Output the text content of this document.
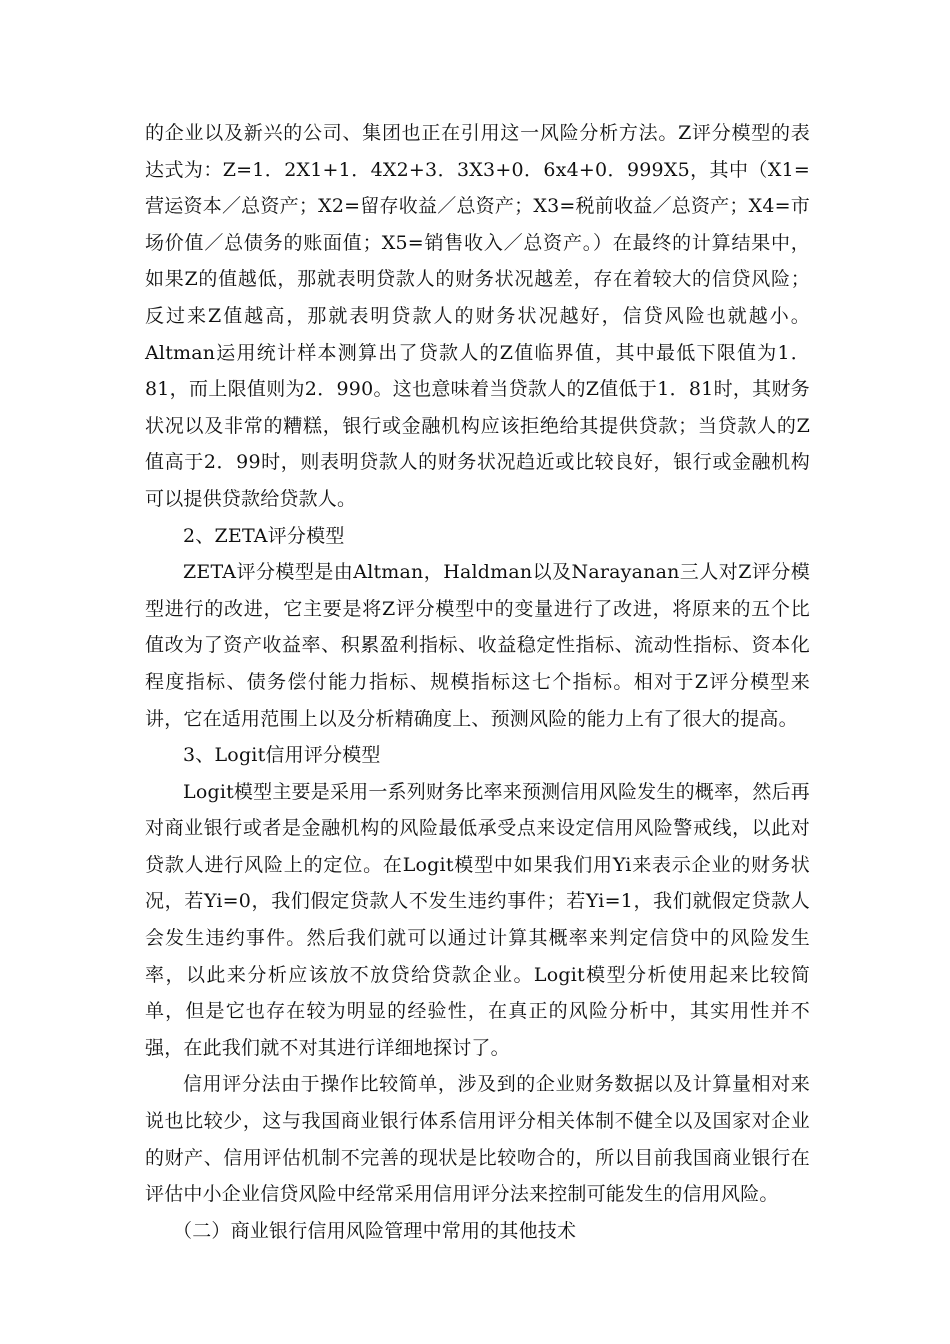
的企业以及新兴的公司、集团也正在引用这一风险分析方法。Z评分模型的表达式为：Z=1．2X1+1．4X2+3．3X3+0．6x4+0．999X5，其中（X1=营运资本／总资产；X2=留存收益／总资产；X3=税前收益／总资产；X4=市场价值／总债务的账面值；X5=销售收入／总资产。）在最终的计算结果中，如果Z的值越低，那就表明贷款人的财务状况越差，存在着较大的信贷风险；反过来Z值越高，那就表明贷款人的财务状况越好，信贷风险也就越小。Altman运用统计样本测算出了贷款人的Z值临界值，其中最低下限值为1．81，而上限值则为2．990。这也意味着当贷款人的Z值低于1．81时，其财务状况以及非常的糟糕，银行或金融机构应该拒绝给其提供贷款；当贷款人的Z值高于2．99时，则表明贷款人的财务状况趋近或比较良好，银行或金融机构可以提供贷款给贷款人。

2、ZETA评分模型

ZETA评分模型是由Altman，Haldman以及Narayanan三人对Z评分模型进行的改进，它主要是将Z评分模型中的变量进行了改进，将原来的五个比值改为了资产收益率、积累盈利指标、收益稳定性指标、流动性指标、资本化程度指标、债务偿付能力指标、规模指标这七个指标。相对于Z评分模型来讲，它在适用范围上以及分析精确度上、预测风险的能力上有了很大的提高。

3、Logit信用评分模型

Logit模型主要是采用一系列财务比率来预测信用风险发生的概率，然后再对商业银行或者是金融机构的风险最低承受点来设定信用风险警戒线，以此对贷款人进行风险上的定位。在Logit模型中如果我们用Yi来表示企业的财务状况，若Yi=0，我们假定贷款人不发生违约事件；若Yi=1，我们就假定贷款人会发生违约事件。然后我们就可以通过计算其概率来判定信贷中的风险发生率，以此来分析应该放不放贷给贷款企业。Logit模型分析使用起来比较简单，但是它也存在较为明显的经验性，在真正的风险分析中，其实用性并不强，在此我们就不对其进行详细地探讨了。

信用评分法由于操作比较简单，涉及到的企业财务数据以及计算量相对来说也比较少，这与我国商业银行体系信用评分相关体制不健全以及国家对企业的财产、信用评估机制不完善的现状是比较吻合的，所以目前我国商业银行在评估中小企业信贷风险中经常采用信用评分法来控制可能发生的信用风险。

（二）商业银行信用风险管理中常用的其他技术
